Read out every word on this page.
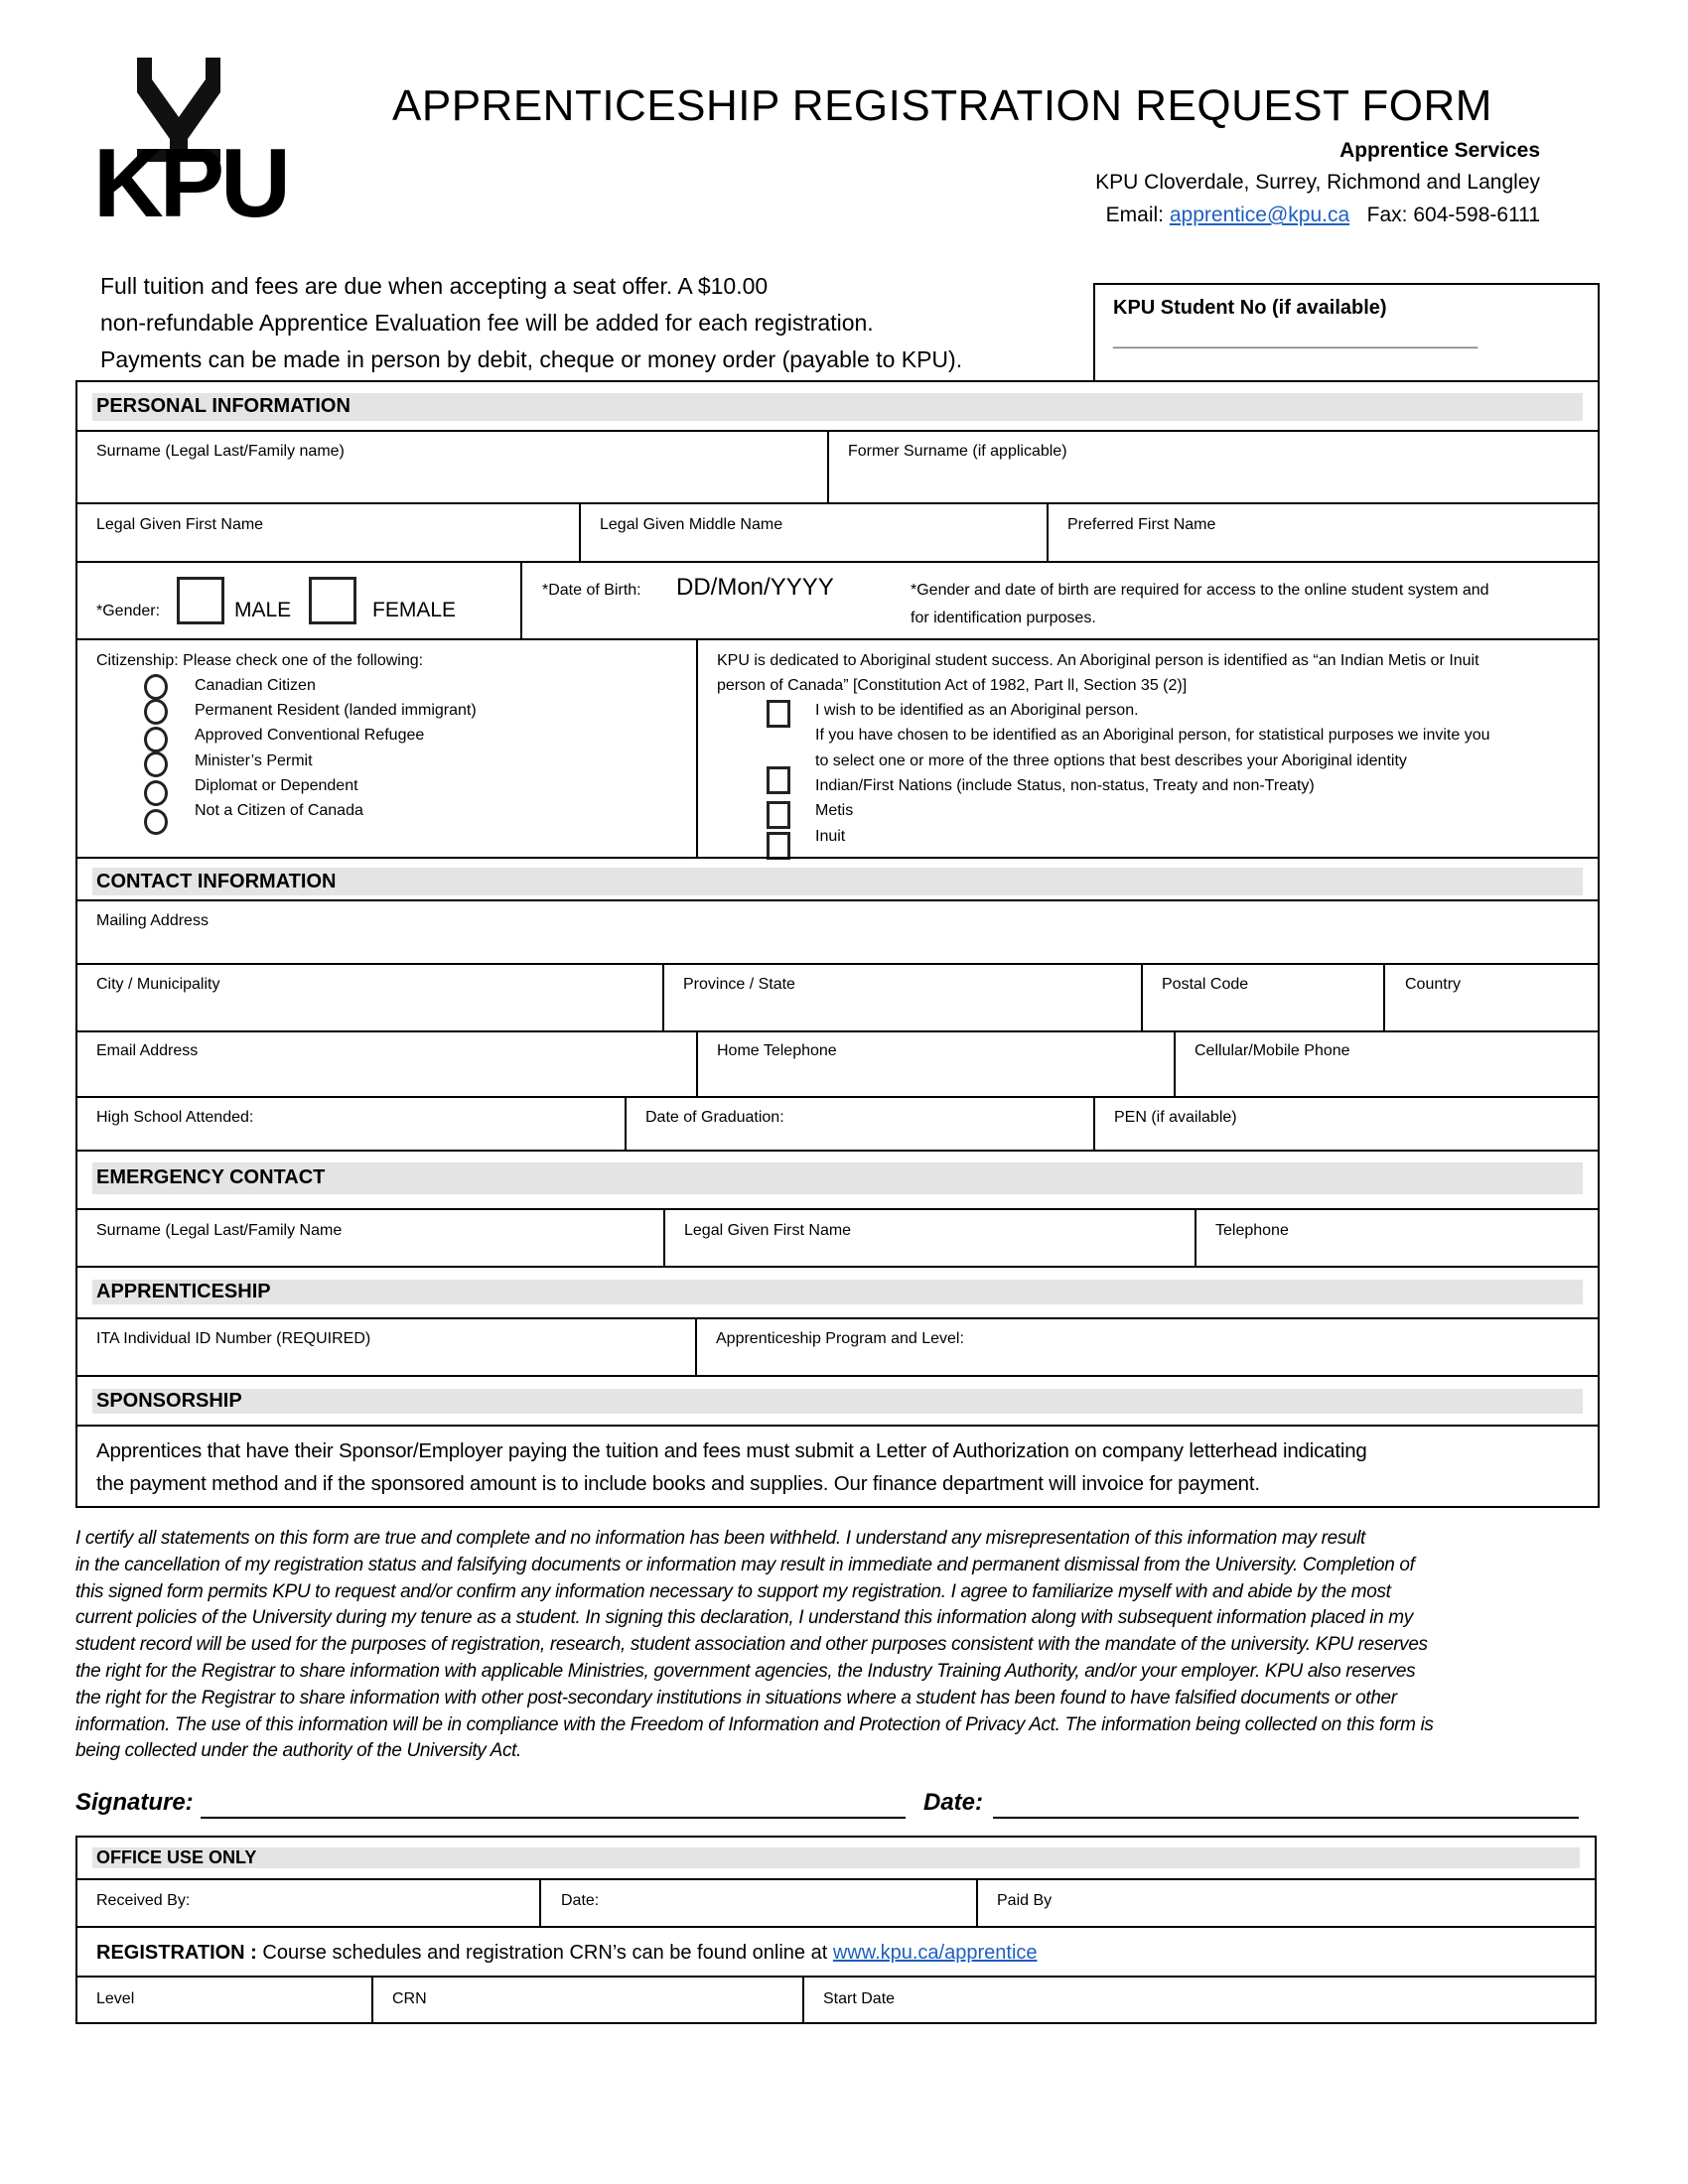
KPU
APPRENTICESHIP REGISTRATION REQUEST FORM
Apprentice Services
KPU Cloverdale, Surrey, Richmond and Langley
Email: apprentice@kpu.ca Fax: 604-598-6111
Full tuition and fees are due when accepting a seat offer. A $10.00
non-refundable Apprentice Evaluation fee will be added for each registration.
Payments can be made in person by debit, cheque or money order (payable to KPU).
KPU Student No (if available)
_________________________________
PERSONAL INFORMATION
Surname (Legal Last/Family name)	Former Surname (if applicable)
Legal Given First Name	Legal Given Middle Name	Preferred First Name
*Gender:	MALE	FEMALE
*Date of Birth: DD/Mon/YYYY	*Gender and date of birth are required for access to the online student system and
for identification purposes.
Citizenship: Please check one of the following:
Canadian Citizen
Permanent Resident (landed immigrant)
Approved Conventional Refugee
Minister’s Permit
Diplomat or Dependent
Not a Citizen of Canada
KPU is dedicated to Aboriginal student success. An Aboriginal person is identified as “an Indian Metis or Inuit
person of Canada” [Constitution Act of 1982, Part ll, Section 35 (2)]
I wish to be identified as an Aboriginal person.
If you have chosen to be identified as an Aboriginal person, for statistical purposes we invite you
to select one or more of the three options that best describes your Aboriginal identity
Indian/First Nations (include Status, non-status, Treaty and non-Treaty)
Metis
Inuit
CONTACT INFORMATION
Mailing Address
City / Municipality	Province / State	Postal Code	Country
Email Address	Home Telephone	Cellular/Mobile Phone
High School Attended:	Date of Graduation:	PEN (if available)
EMERGENCY CONTACT
Surname (Legal Last/Family Name	Legal Given First Name	Telephone
APPRENTICESHIP
ITA Individual ID Number (REQUIRED)	Apprenticeship Program and Level:
SPONSORSHIP
Apprentices that have their Sponsor/Employer paying the tuition and fees must submit a Letter of Authorization on company letterhead indicating
the payment method and if the sponsored amount is to include books and supplies. Our finance department will invoice for payment.
I certify all statements on this form are true and complete and no information has been withheld. I understand any misrepresentation of this information may result
in the cancellation of my registration status and falsifying documents or information may result in immediate and permanent dismissal from the University. Completion of
this signed form permits KPU to request and/or confirm any information necessary to support my registration. I agree to familiarize myself with and abide by the most
current policies of the University during my tenure as a student. In signing this declaration, I understand this information along with subsequent information placed in my
student record will be used for the purposes of registration, research, student association and other purposes consistent with the mandate of the university. KPU reserves
the right for the Registrar to share information with applicable Ministries, government agencies, the Industry Training Authority, and/or your employer. KPU also reserves
the right for the Registrar to share information with other post-secondary institutions in situations where a student has been found to have falsified documents or other
information. The use of this information will be in compliance with the Freedom of Information and Protection of Privacy Act. The information being collected on this form is
being collected under the authority of the University Act.
Signature:	Date:
OFFICE USE ONLY
Received By:	Date:	Paid By
REGISTRATION : Course schedules and registration CRN’s can be found online at www.kpu.ca/apprentice
Level	CRN	Start Date
